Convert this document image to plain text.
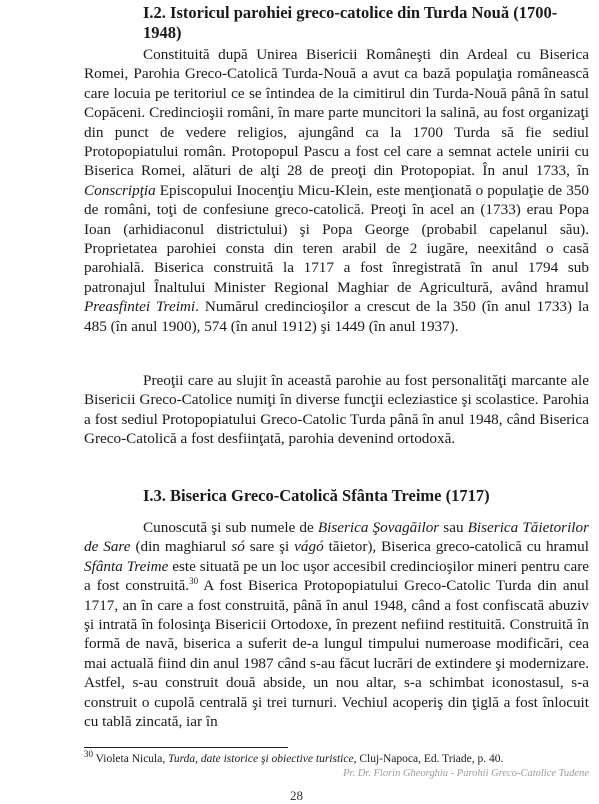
I.2. Istoricul parohiei greco-catolice din Turda Nouă (1700-1948)

Constituită după Unirea Bisericii Româneşti din Ardeal cu Biserica Romei, Parohia Greco-Catolică Turda-Nouă a avut ca bază populaţia românească care locuia pe teritoriul ce se întindea de la cimitirul din Turda-Nouă până în satul Copăceni. Credincioşii români, în mare parte muncitori la salină, au fost organizaţi din punct de vedere religios, ajungând ca la 1700 Turda să fie sediul Protopopiatului român. Protopopul Pascu a fost cel care a semnat actele unirii cu Biserica Romei, alături de alţi 28 de preoţi din Protopopiat. În anul 1733, în Conscripţia Episcopului Inocenţiu Micu-Klein, este menţionată o populaţie de 350 de români, toţi de confesiune greco-catolică. Preoţi în acel an (1733) erau Popa Ioan (arhidiaconul districtului) şi Popa George (probabil capelanul său). Proprietatea parohiei consta din teren arabil de 2 iugăre, neexitând o casă parohială. Biserica construită la 1717 a fost înregistrată în anul 1794 sub patronajul Înaltului Minister Regional Maghiar de Agricultură, având hramul Preasfintei Treimi. Numărul credincioşilor a crescut de la 350 (în anul 1733) la 485 (în anul 1900), 574 (în anul 1912) şi 1449 (în anul 1937).

Preoţii care au slujit în această parohie au fost personalităţi marcante ale Bisericii Greco-Catolice numiţi în diverse funcţii ecleziastice şi scolastice. Parohia a fost sediul Protopopiatului Greco-Catolic Turda până în anul 1948, când Biserica Greco-Catolică a fost desfiinţată, parohia devenind ortodoxă.

I.3. Biserica Greco-Catolică Sfânta Treime (1717)

Cunoscută şi sub numele de Biserica Şovagăilor sau Biserica Tăietorilor de Sare (din maghiarul só sare şi vágó tăietor), Biserica greco-catolică cu hramul Sfânta Treime este situată pe un loc uşor accesibil credincioşilor mineri pentru care a fost construită.$^{30}$ A fost Biserica Protopopiatului Greco-Catolic Turda din anul 1717, an în care a fost construită, până în anul 1948, când a fost confiscată abuziv şi intrată în folosinţa Bisericii Ortodoxe, în prezent nefiind restituită. Construită în formă de navă, biserica a suferit de-a lungul timpului numeroase modificări, cea mai actuală fiind din anul 1987 când s-au făcut lucrări de extindere şi modernizare. Astfel, s-au construit două abside, un nou altar, s-a schimbat iconostasul, s-a construit o cupolă centrală şi trei turnuri. Vechiul acoperiş din ţiglă a fost înlocuit cu tablă zincată, iar în

$^{30}$ Violeta Nicula, Turda, date istorice şi obiective turistice, Cluj-Napoca, Ed. Triade, p. 40.
Pr. Dr. Florin Gheorghiu - Parohii Greco-Catolice Tudene
28
